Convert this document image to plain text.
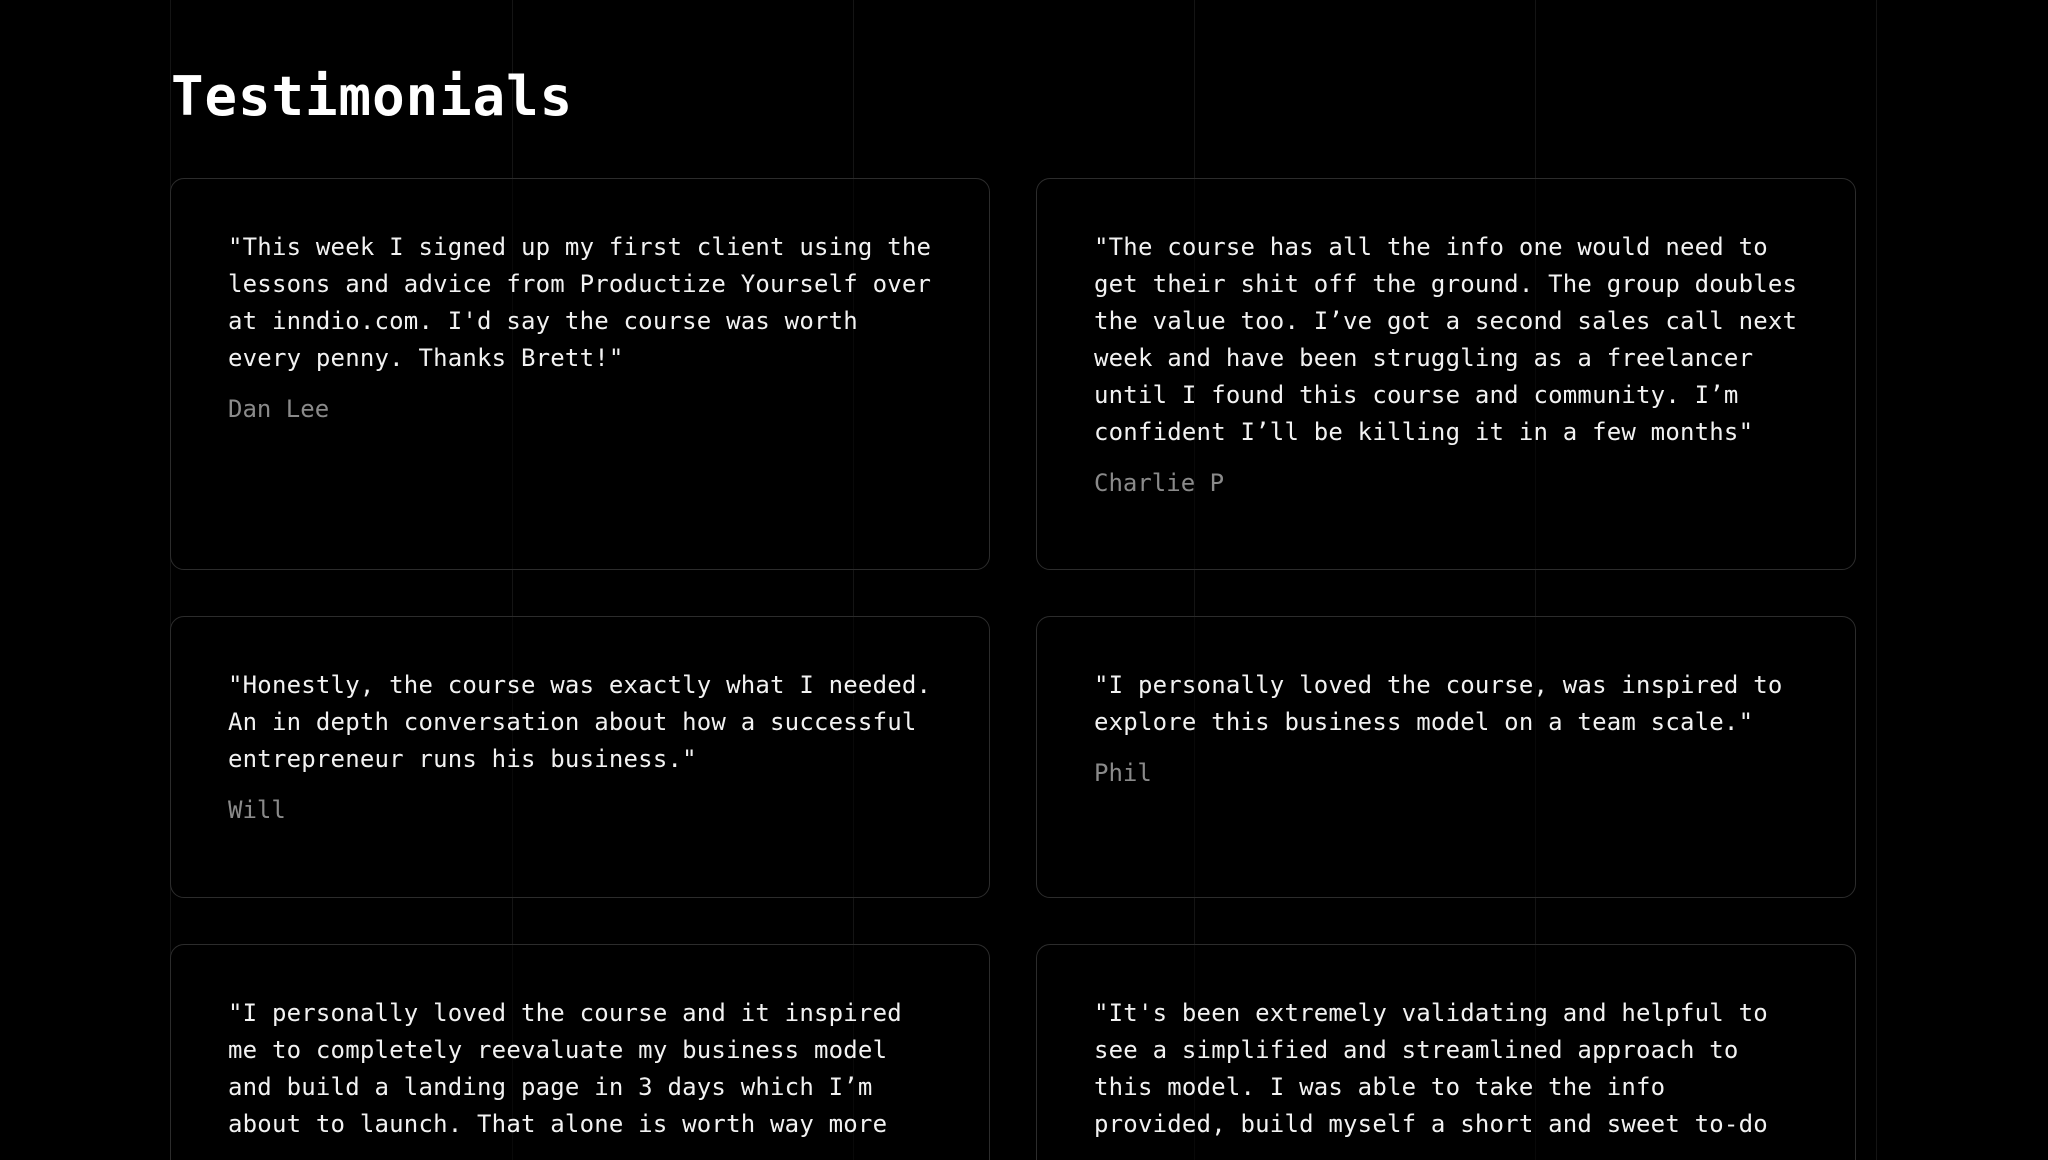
Testimonials

"This week I signed up my first client using the lessons and advice from Productize Yourself over at inndio.com. I'd say the course was worth every penny. Thanks Brett!"

Dan Lee

"The course has all the info one would need to get their shit off the ground. The group doubles the value too. I’ve got a second sales call next week and have been struggling as a freelancer until I found this course and community. I’m confident I’ll be killing it in a few months"

Charlie P

"Honestly, the course was exactly what I needed. An in depth conversation about how a successful entrepreneur runs his business."

Will

"I personally loved the course, was inspired to explore this business model on a team scale."

Phil

"I personally loved the course and it inspired me to completely reevaluate my business model and build a landing page in 3 days which I’m about to launch. That alone is worth way more

"It's been extremely validating and helpful to see a simplified and streamlined approach to this model. I was able to take the info provided, build myself a short and sweet to-do
